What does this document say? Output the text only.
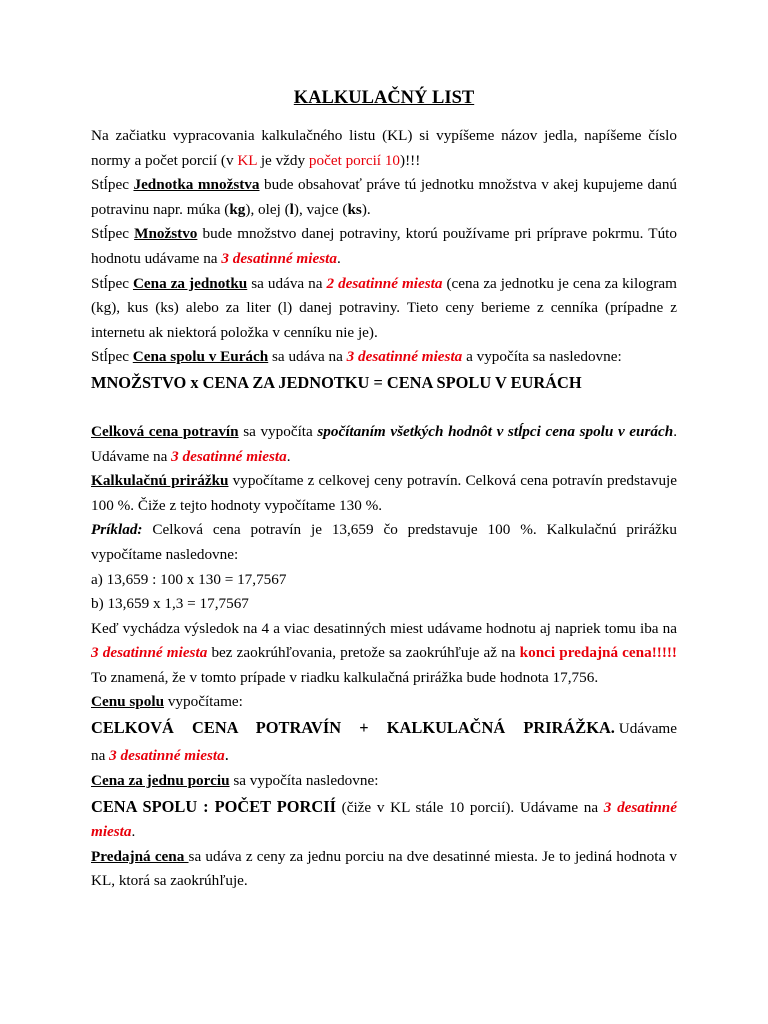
KALKULAČNÝ LIST

Na začiatku vypracovania kalkulačného listu (KL) si vypíšeme názov jedla, napíšeme číslo normy a počet porcií (v KL je vždy počet porcií 10)!!!

Stĺpec Jednotka množstva bude obsahovať práve tú jednotku množstva v akej kupujeme danú potravinu napr. múka (kg), olej (l), vajce (ks).

Stĺpec Množstvo bude množstvo danej potraviny, ktorú používame pri príprave pokrmu. Túto hodnotu udávame na 3 desatinné miesta.

Stĺpec Cena za jednotku sa udáva na 2 desatinné miesta (cena za jednotku je cena za kilogram (kg), kus (ks) alebo za liter (l) danej potraviny. Tieto ceny berieme z cenníka (prípadne z internetu ak niektorá položka v cenníku nie je).

Stĺpec Cena spolu v Eurách sa udáva na 3 desatinné miesta a vypočíta sa nasledovne:

MNOŽSTVO x CENA ZA JEDNOTKU = CENA SPOLU V EURÁCH

Celková cena potravín sa vypočíta spočítaním všetkých hodnôt v stĺpci cena spolu v eurách. Udávame na 3 desatinné miesta.

Kalkulačnú prirážku vypočítame z celkovej ceny potravín. Celková cena potravín predstavuje 100 %. Čiže z tejto hodnoty vypočítame 130 %.

Príklad: Celková cena potravín je 13,659 čo predstavuje 100 %. Kalkulačnú prirážku vypočítame nasledovne:

a) 13,659 : 100 x 130 = 17,7567

b) 13,659 x 1,3 = 17,7567

Keď vychádza výsledok na 4 a viac desatinných miest udávame hodnotu aj napriek tomu iba na 3 desatinné miesta bez zaokrúhľovania, pretože sa zaokrúhľuje až na konci predajná cena!!!!! To znamená, že v tomto prípade v riadku kalkulačná prirážka bude hodnota 17,756.

Cenu spolu vypočítame:

CELKOVÁ CENA POTRAVÍN + KALKULAČNÁ PRIRÁŽKA. Udávame na 3 desatinné miesta.

Cena za jednu porciu sa vypočíta nasledovne:

CENA SPOLU : POČET PORCIÍ (čiže v KL stále 10 porcií). Udávame na 3 desatinné miesta.

Predajná cena sa udáva z ceny za jednu porciu na dve desatinné miesta. Je to jediná hodnota v KL, ktorá sa zaokrúhľuje.
